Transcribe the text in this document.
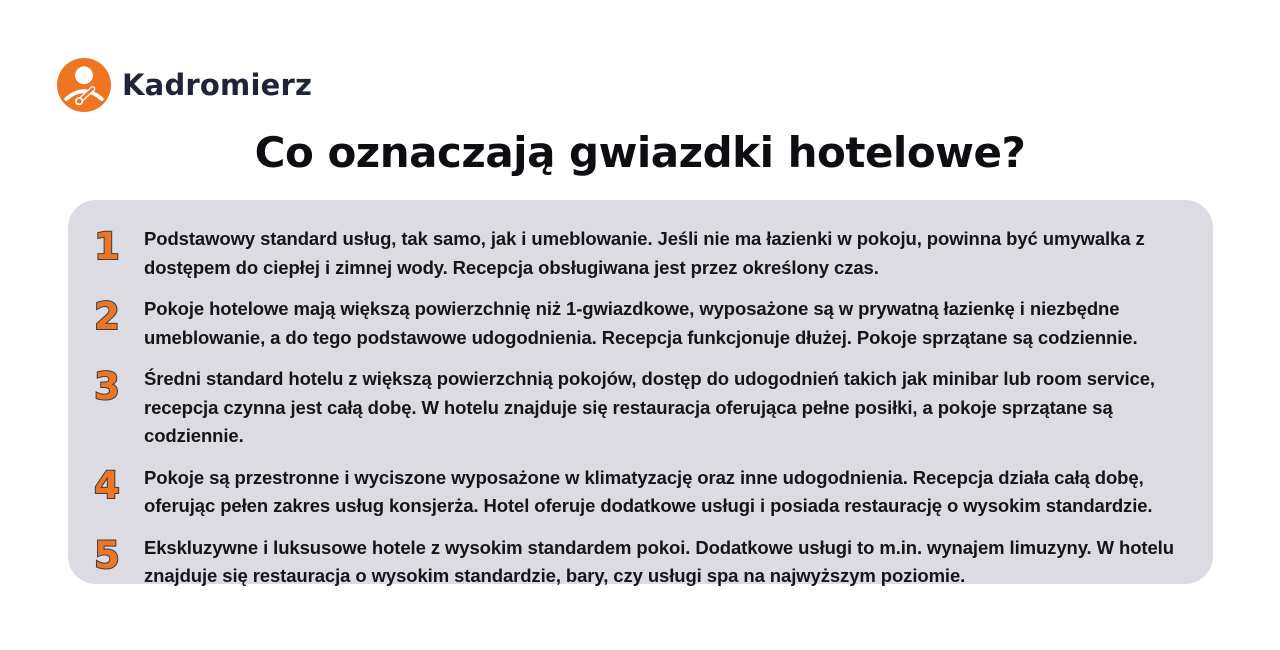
Kadromierz
Co oznaczają gwiazdki hotelowe?
1	Podstawowy standard usług, tak samo, jak i umeblowanie. Jeśli nie ma łazienki w pokoju, powinna być umywalka z dostępem do ciepłej i zimnej wody. Recepcja obsługiwana jest przez określony czas.

2	Pokoje hotelowe mają większą powierzchnię niż 1-gwiazdkowe, wyposażone są w prywatną łazienkę i niezbędne umeblowanie, a do tego podstawowe udogodnienia. Recepcja funkcjonuje dłużej. Pokoje sprzątane są codziennie.

3	Średni standard hotelu z większą powierzchnią pokojów, dostęp do udogodnień takich jak minibar lub room service, recepcja czynna jest całą dobę. W hotelu znajduje się restauracja oferująca pełne posiłki, a pokoje sprzątane są codziennie.

4	Pokoje są przestronne i wyciszone wyposażone w klimatyzację oraz inne udogodnienia. Recepcja działa całą dobę, oferując pełen zakres usług konsjerża. Hotel oferuje dodatkowe usługi i posiada restaurację o wysokim standardzie.

5	Ekskluzywne i luksusowe hotele z wysokim standardem pokoi. Dodatkowe usługi to m.in. wynajem limuzyny. W hotelu znajduje się restauracja o wysokim standardzie, bary, czy usługi spa na najwyższym poziomie.
